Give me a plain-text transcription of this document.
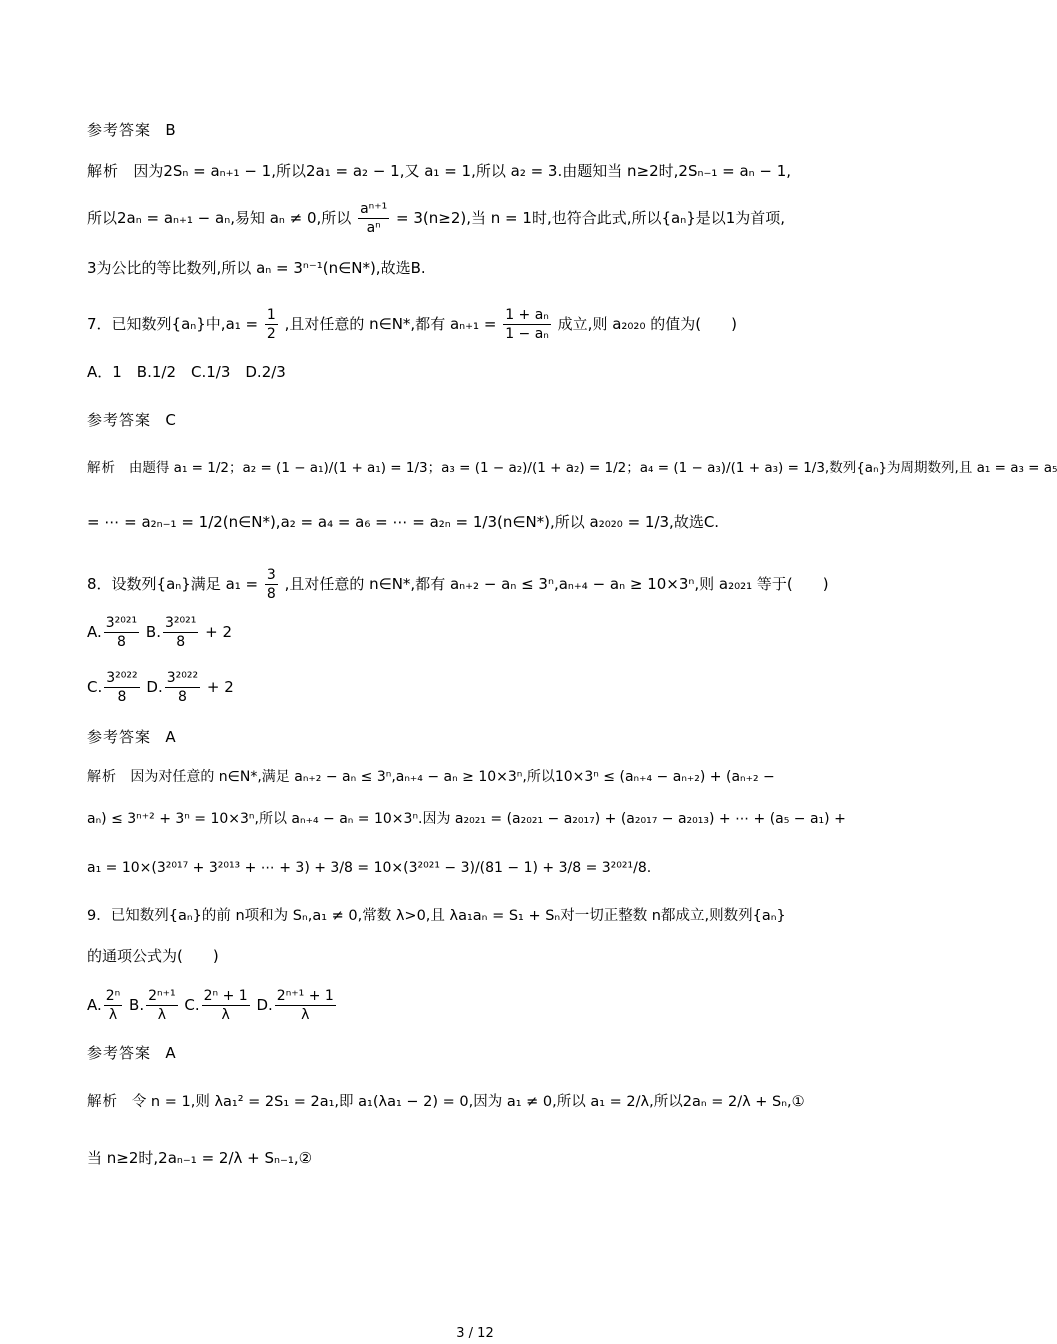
参考答案 B
解析 因为2Sₙ = aₙ₊₁ − 1,所以2a₁ = a₂ − 1,又 a₁ = 1,所以 a₂ = 3.由题知当 n≥2时,2Sₙ₋₁ = aₙ − 1,
所以2aₙ = aₙ₊₁ − aₙ,易知 aₙ ≠ 0,所以 $\frac{\text{aⁿ⁺¹}}{\text{aⁿ}} = 3(n\ge 2)$,当 n = 1时,也符合此式,所以{aₙ}是以1为首项,
3为公比的等比数列,所以 aₙ = 3ⁿ⁻¹(n∈N*),故选B.
7．已知数列{aₙ}中$,a_1 = \frac{1}{2}$ ,且对任意的 n∈N*,都有 $a_{n+1} = \frac{\text{1 + aₙ}}{\text{1 − aₙ}}$ 成立,则 a₂₀₂₀ 的值为(　　)
A．1　B.1/2　C.1/3　D.2/3
参考答案 C
解析 由题得 a₁ = 1/2；a₂ = (1 − a₁)/(1 + a₁) = 1/3；a₃ = (1 − a₂)/(1 + a₂) = 1/2；a₄ = (1 − a₃)/(1 + a₃) = 1/3,数列{aₙ}为周期数列,且 a₁ = a₃ = a₅
= ⋯ = a₂ₙ₋₁ = 1/2(n∈N*),a₂ = a₄ = a₆ = ⋯ = a₂ₙ = 1/3(n∈N*),所以 a₂₀₂₀ = 1/3,故选C.
8．设数列{aₙ}满足 $a_1 = \frac{3}{8}$ ,且对任意的 n∈N*,都有 aₙ₊₂ − aₙ ≤ 3ⁿ,aₙ₊₄ − aₙ ≥ 10×3ⁿ,则 a₂₀₂₁ 等于(　　)
A. $\frac{\text{3²⁰²¹}}{8} B$. $\frac{\text{3²⁰²¹}}{8} + 2$
C. $\frac{\text{3²⁰²²}}{8} D$. $\frac{\text{3²⁰²²}}{8} + 2$
参考答案 A
解析 因为对任意的 n∈N*,满足 aₙ₊₂ − aₙ ≤ 3ⁿ,aₙ₊₄ − aₙ ≥ 10×3ⁿ,所以10×3ⁿ ≤ (aₙ₊₄ − aₙ₊₂) + (aₙ₊₂ −
aₙ) ≤ 3ⁿ⁺² + 3ⁿ = 10×3ⁿ,所以 aₙ₊₄ − aₙ = 10×3ⁿ.因为 a₂₀₂₁ = (a₂₀₂₁ − a₂₀₁₇) + (a₂₀₁₇ − a₂₀₁₃) + ⋯ + (a₅ − a₁) +
a₁ = 10×(3²⁰¹⁷ + 3²⁰¹³ + ⋯ + 3) + 3/8 = 10×(3²⁰²¹ − 3)/(81 − 1) + 3/8 = 3²⁰²¹/8.
9．已知数列{aₙ}的前 n项和为 Sₙ,a₁ ≠ 0,常数 λ>0,且 λa₁aₙ = S₁ + Sₙ对一切正整数 n都成立,则数列{aₙ}
的通项公式为(　　)
A. $\frac{\text{2ⁿ}}{\lambda} B$. $\frac{\text{2ⁿ⁺¹}}{\lambda} C$. $\frac{\text{2ⁿ + 1}}{\lambda} D$. $\frac{\text{2ⁿ⁺¹ + 1}}{\lambda}$
参考答案 A
解析 令 n = 1,则 λa₁² = 2S₁ = 2a₁,即 a₁(λa₁ − 2) = 0,因为 a₁ ≠ 0,所以 a₁ = 2/λ,所以2aₙ = 2/λ + Sₙ,①
当 n≥2时,2aₙ₋₁ = 2/λ + Sₙ₋₁,②
3 / 12
